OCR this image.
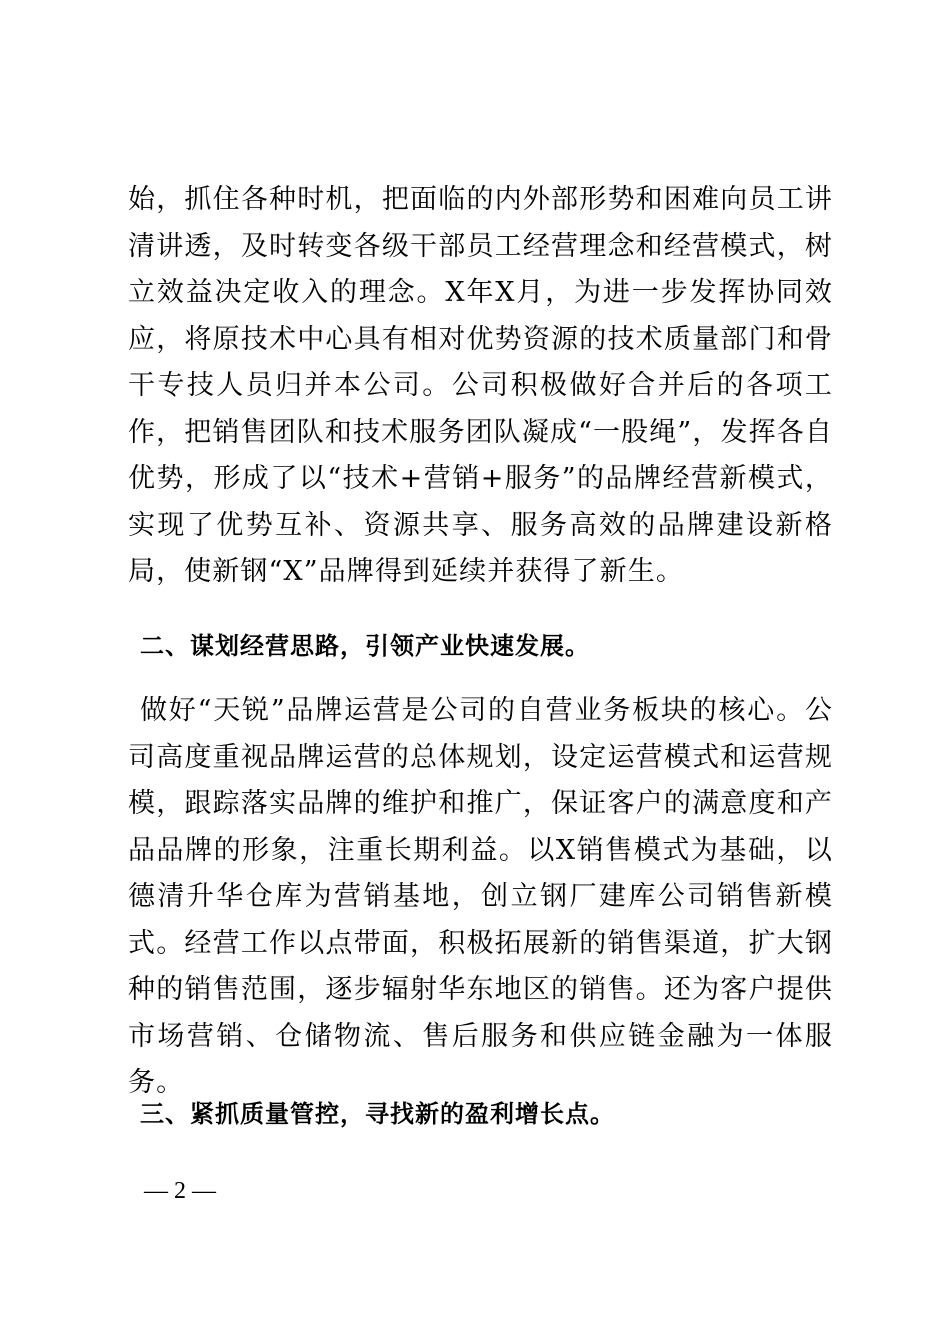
始，抓住各种时机，把面临的内外部形势和困难向员工讲清讲透，及时转变各级干部员工经营理念和经营模式，树立效益决定收入的理念。X年X月，为进一步发挥协同效应，将原技术中心具有相对优势资源的技术质量部门和骨干专技人员归并本公司。公司积极做好合并后的各项工作，把销售团队和技术服务团队凝成“一股绳”，发挥各自优势，形成了以“技术+营销+服务”的品牌经营新模式，实现了优势互补、资源共享、服务高效的品牌建设新格局，使新钢“X”品牌得到延续并获得了新生。

二、谋划经营思路，引领产业快速发展。

做好“天锐”品牌运营是公司的自营业务板块的核心。公司高度重视品牌运营的总体规划，设定运营模式和运营规模，跟踪落实品牌的维护和推广，保证客户的满意度和产品品牌的形象，注重长期利益。以X销售模式为基础，以德清升华仓库为营销基地，创立钢厂建库公司销售新模式。经营工作以点带面，积极拓展新的销售渠道，扩大钢种的销售范围，逐步辐射华东地区的销售。还为客户提供市场营销、仓储物流、售后服务和供应链金融为一体服务。

三、紧抓质量管控，寻找新的盈利增长点。
— 2 —
